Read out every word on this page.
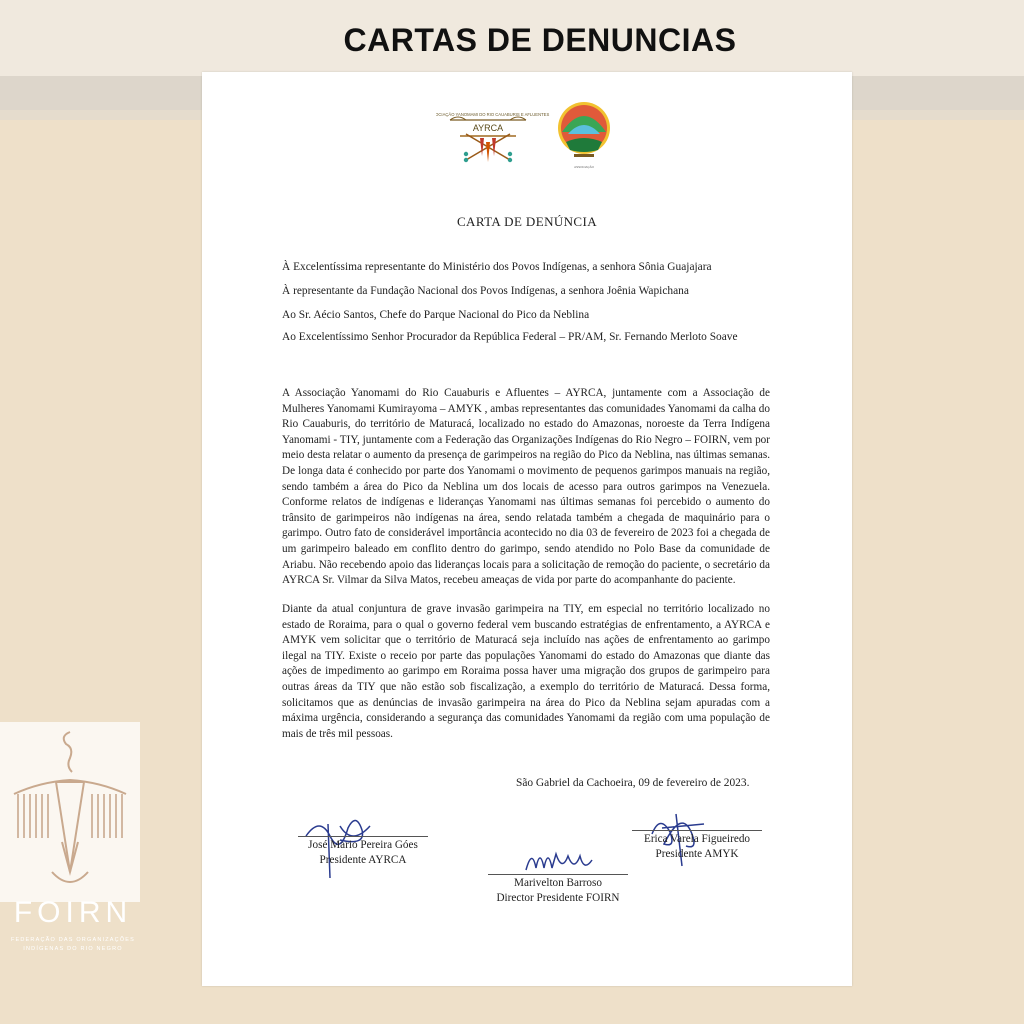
CARTAS DE DENUNCIAS
ASSOCIAÇÃO YANOMAMI DO RIO CAUABURIS E AFLUENTES
AYRCA
ASSOCIAÇÃO
CARTA DE DENÚNCIA
À Excelentíssima representante do Ministério dos Povos Indígenas, a senhora Sônia Guajajara
À representante da Fundação Nacional dos Povos Indígenas, a senhora Joênia Wapichana
Ao Sr. Aécio Santos, Chefe do Parque Nacional do Pico da Neblina
Ao Excelentíssimo Senhor Procurador da República Federal – PR/AM, Sr. Fernando Merloto Soave

A Associação Yanomami do Rio Cauaburis e Afluentes – AYRCA, juntamente com a Associação de Mulheres Yanomami Kumirayoma – AMYK , ambas representantes das comunidades Yanomami da calha do Rio Cauaburis, do território de Maturacá, localizado no estado do Amazonas, noroeste da Terra Indígena Yanomami - TIY, juntamente com a Federação das Organizações Indígenas do Rio Negro – FOIRN, vem por meio desta relatar o aumento da presença de garimpeiros na região do Pico da Neblina, nas últimas semanas. De longa data é conhecido por parte dos Yanomami o movimento de pequenos garimpos manuais na região, sendo também a área do Pico da Neblina um dos locais de acesso para outros garimpos na Venezuela. Conforme relatos de indígenas e lideranças Yanomami nas últimas semanas foi percebido o aumento do trânsito de garimpeiros não indígenas na área, sendo relatada também a chegada de maquinário para o garimpo. Outro fato de considerável importância acontecido no dia 03 de fevereiro de 2023 foi a chegada de um garimpeiro baleado em conflito dentro do garimpo, sendo atendido no Polo Base da comunidade de Ariabu. Não recebendo apoio das lideranças locais para a solicitação de remoção do paciente, o secretário da AYRCA Sr. Vilmar da Silva Matos, recebeu ameaças de vida por parte do acompanhante do paciente.

Diante da atual conjuntura de grave invasão garimpeira na TIY, em especial no território localizado no estado de Roraima, para o qual o governo federal vem buscando estratégias de enfrentamento, a AYRCA e AMYK vem solicitar que o território de Maturacá seja incluído nas ações de enfrentamento ao garimpo ilegal na TIY. Existe o receio por parte das populações Yanomami do estado do Amazonas que diante das ações de impedimento ao garimpo em Roraima possa haver uma migração dos grupos de garimpeiro para outras áreas da TIY que não estão sob fiscalização, a exemplo do território de Maturacá. Dessa forma, solicitamos que as denúncias de invasão garimpeira na área do Pico da Neblina sejam apuradas com a máxima urgência, considerando a segurança das comunidades Yanomami da região com uma população de mais de três mil pessoas.

São Gabriel da Cachoeira, 09 de fevereiro de 2023.
José Mario Pereira Góes
Presidente AYRCA
Erica Varela Figueiredo
Presidente AMYK
Marivelton Barroso
Director Presidente FOIRN
FOIRN
FEDERAÇÃO DAS ORGANIZAÇÕES
INDÍGENAS DO RIO NEGRO
